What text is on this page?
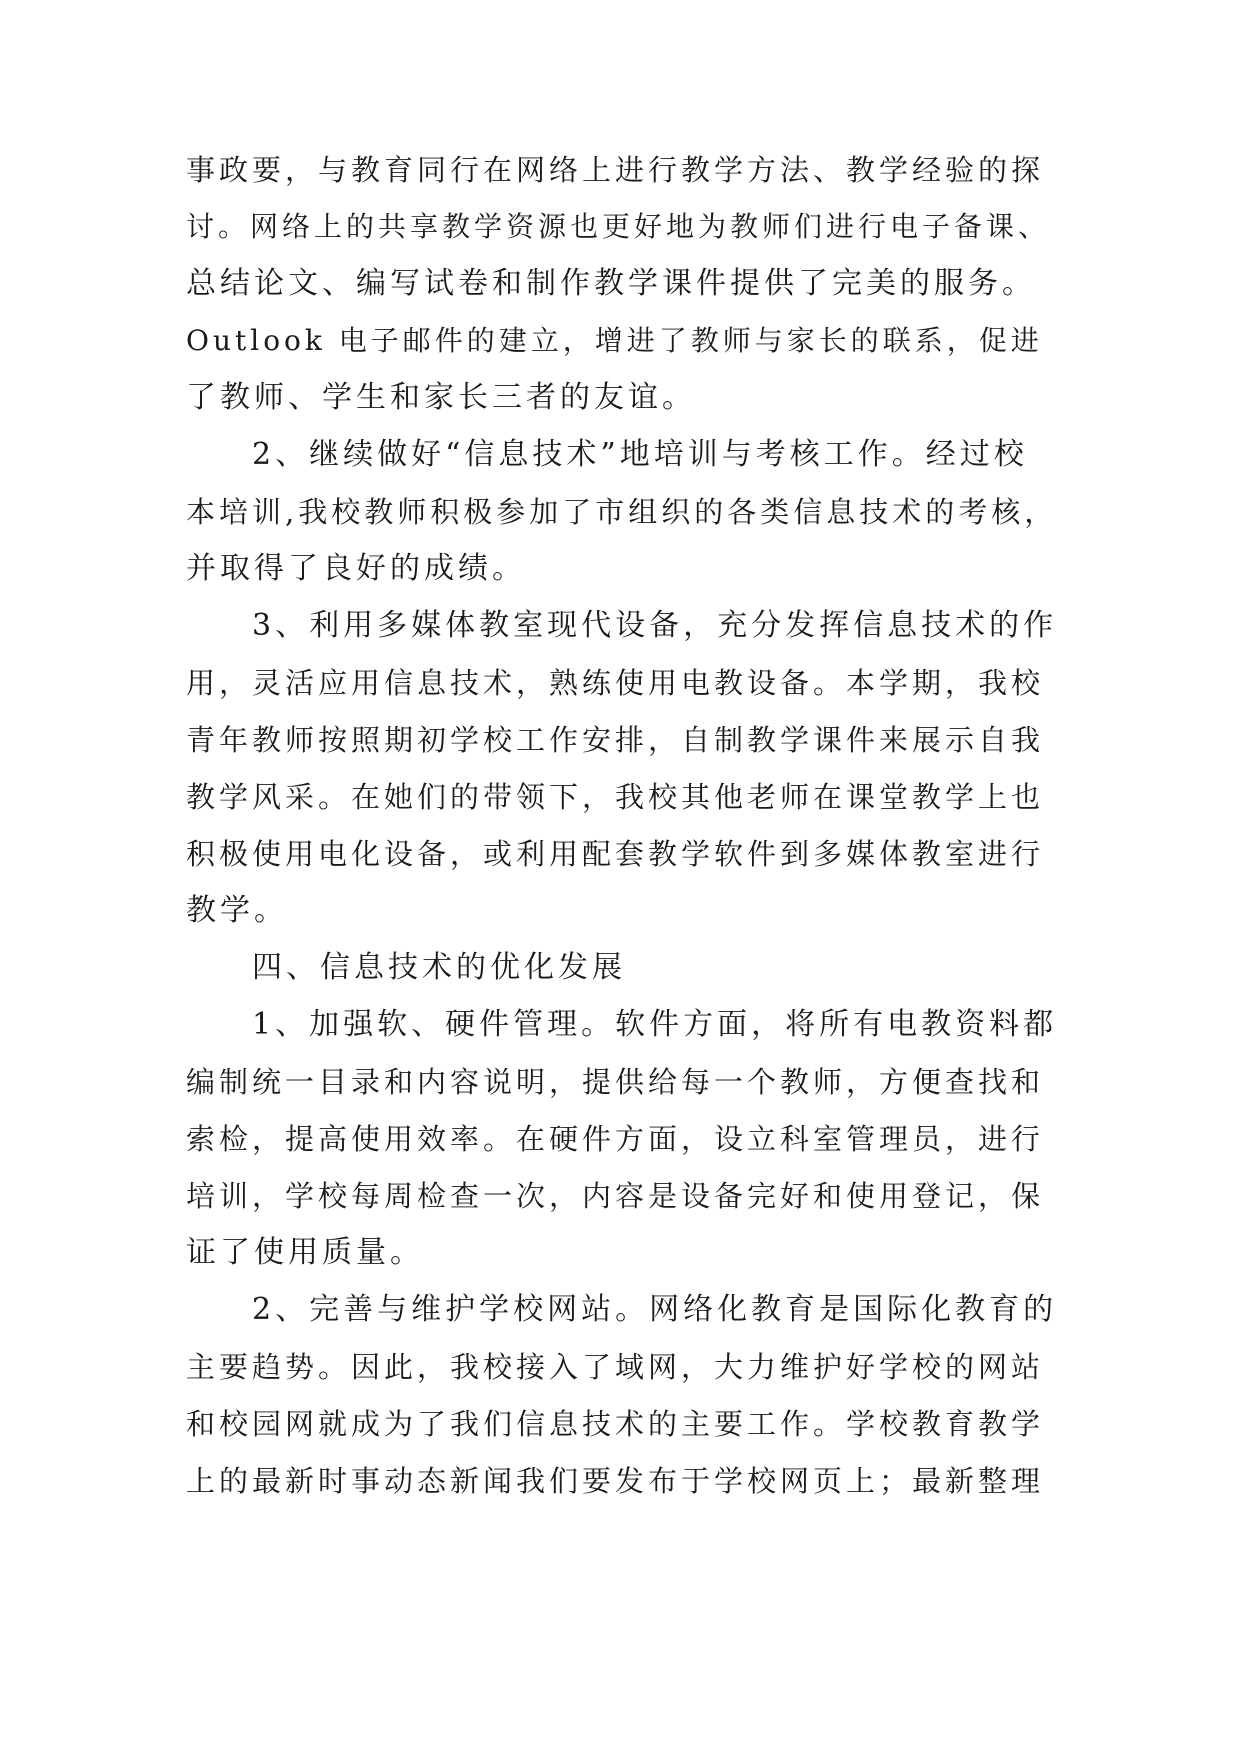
事政要，与教育同行在网络上进行教学方法、教学经验的探
讨。网络上的共享教学资源也更好地为教师们进行电子备课、
总结论文、编写试卷和制作教学课件提供了完美的服务。
Outlook 电子邮件的建立，增进了教师与家长的联系，促进
了教师、学生和家长三者的友谊。
2、继续做好“信息技术”地培训与考核工作。经过校
本培训,我校教师积极参加了市组织的各类信息技术的考核，
并取得了良好的成绩。
3、利用多媒体教室现代设备，充分发挥信息技术的作
用，灵活应用信息技术，熟练使用电教设备。本学期，我校
青年教师按照期初学校工作安排，自制教学课件来展示自我
教学风采。在她们的带领下，我校其他老师在课堂教学上也
积极使用电化设备，或利用配套教学软件到多媒体教室进行
教学。
四、信息技术的优化发展
1、加强软、硬件管理。软件方面，将所有电教资料都
编制统一目录和内容说明，提供给每一个教师，方便查找和
索检，提高使用效率。在硬件方面，设立科室管理员，进行
培训，学校每周检查一次，内容是设备完好和使用登记，保
证了使用质量。
2、完善与维护学校网站。网络化教育是国际化教育的
主要趋势。因此，我校接入了域网，大力维护好学校的网站
和校园网就成为了我们信息技术的主要工作。学校教育教学
上的最新时事动态新闻我们要发布于学校网页上；最新整理
